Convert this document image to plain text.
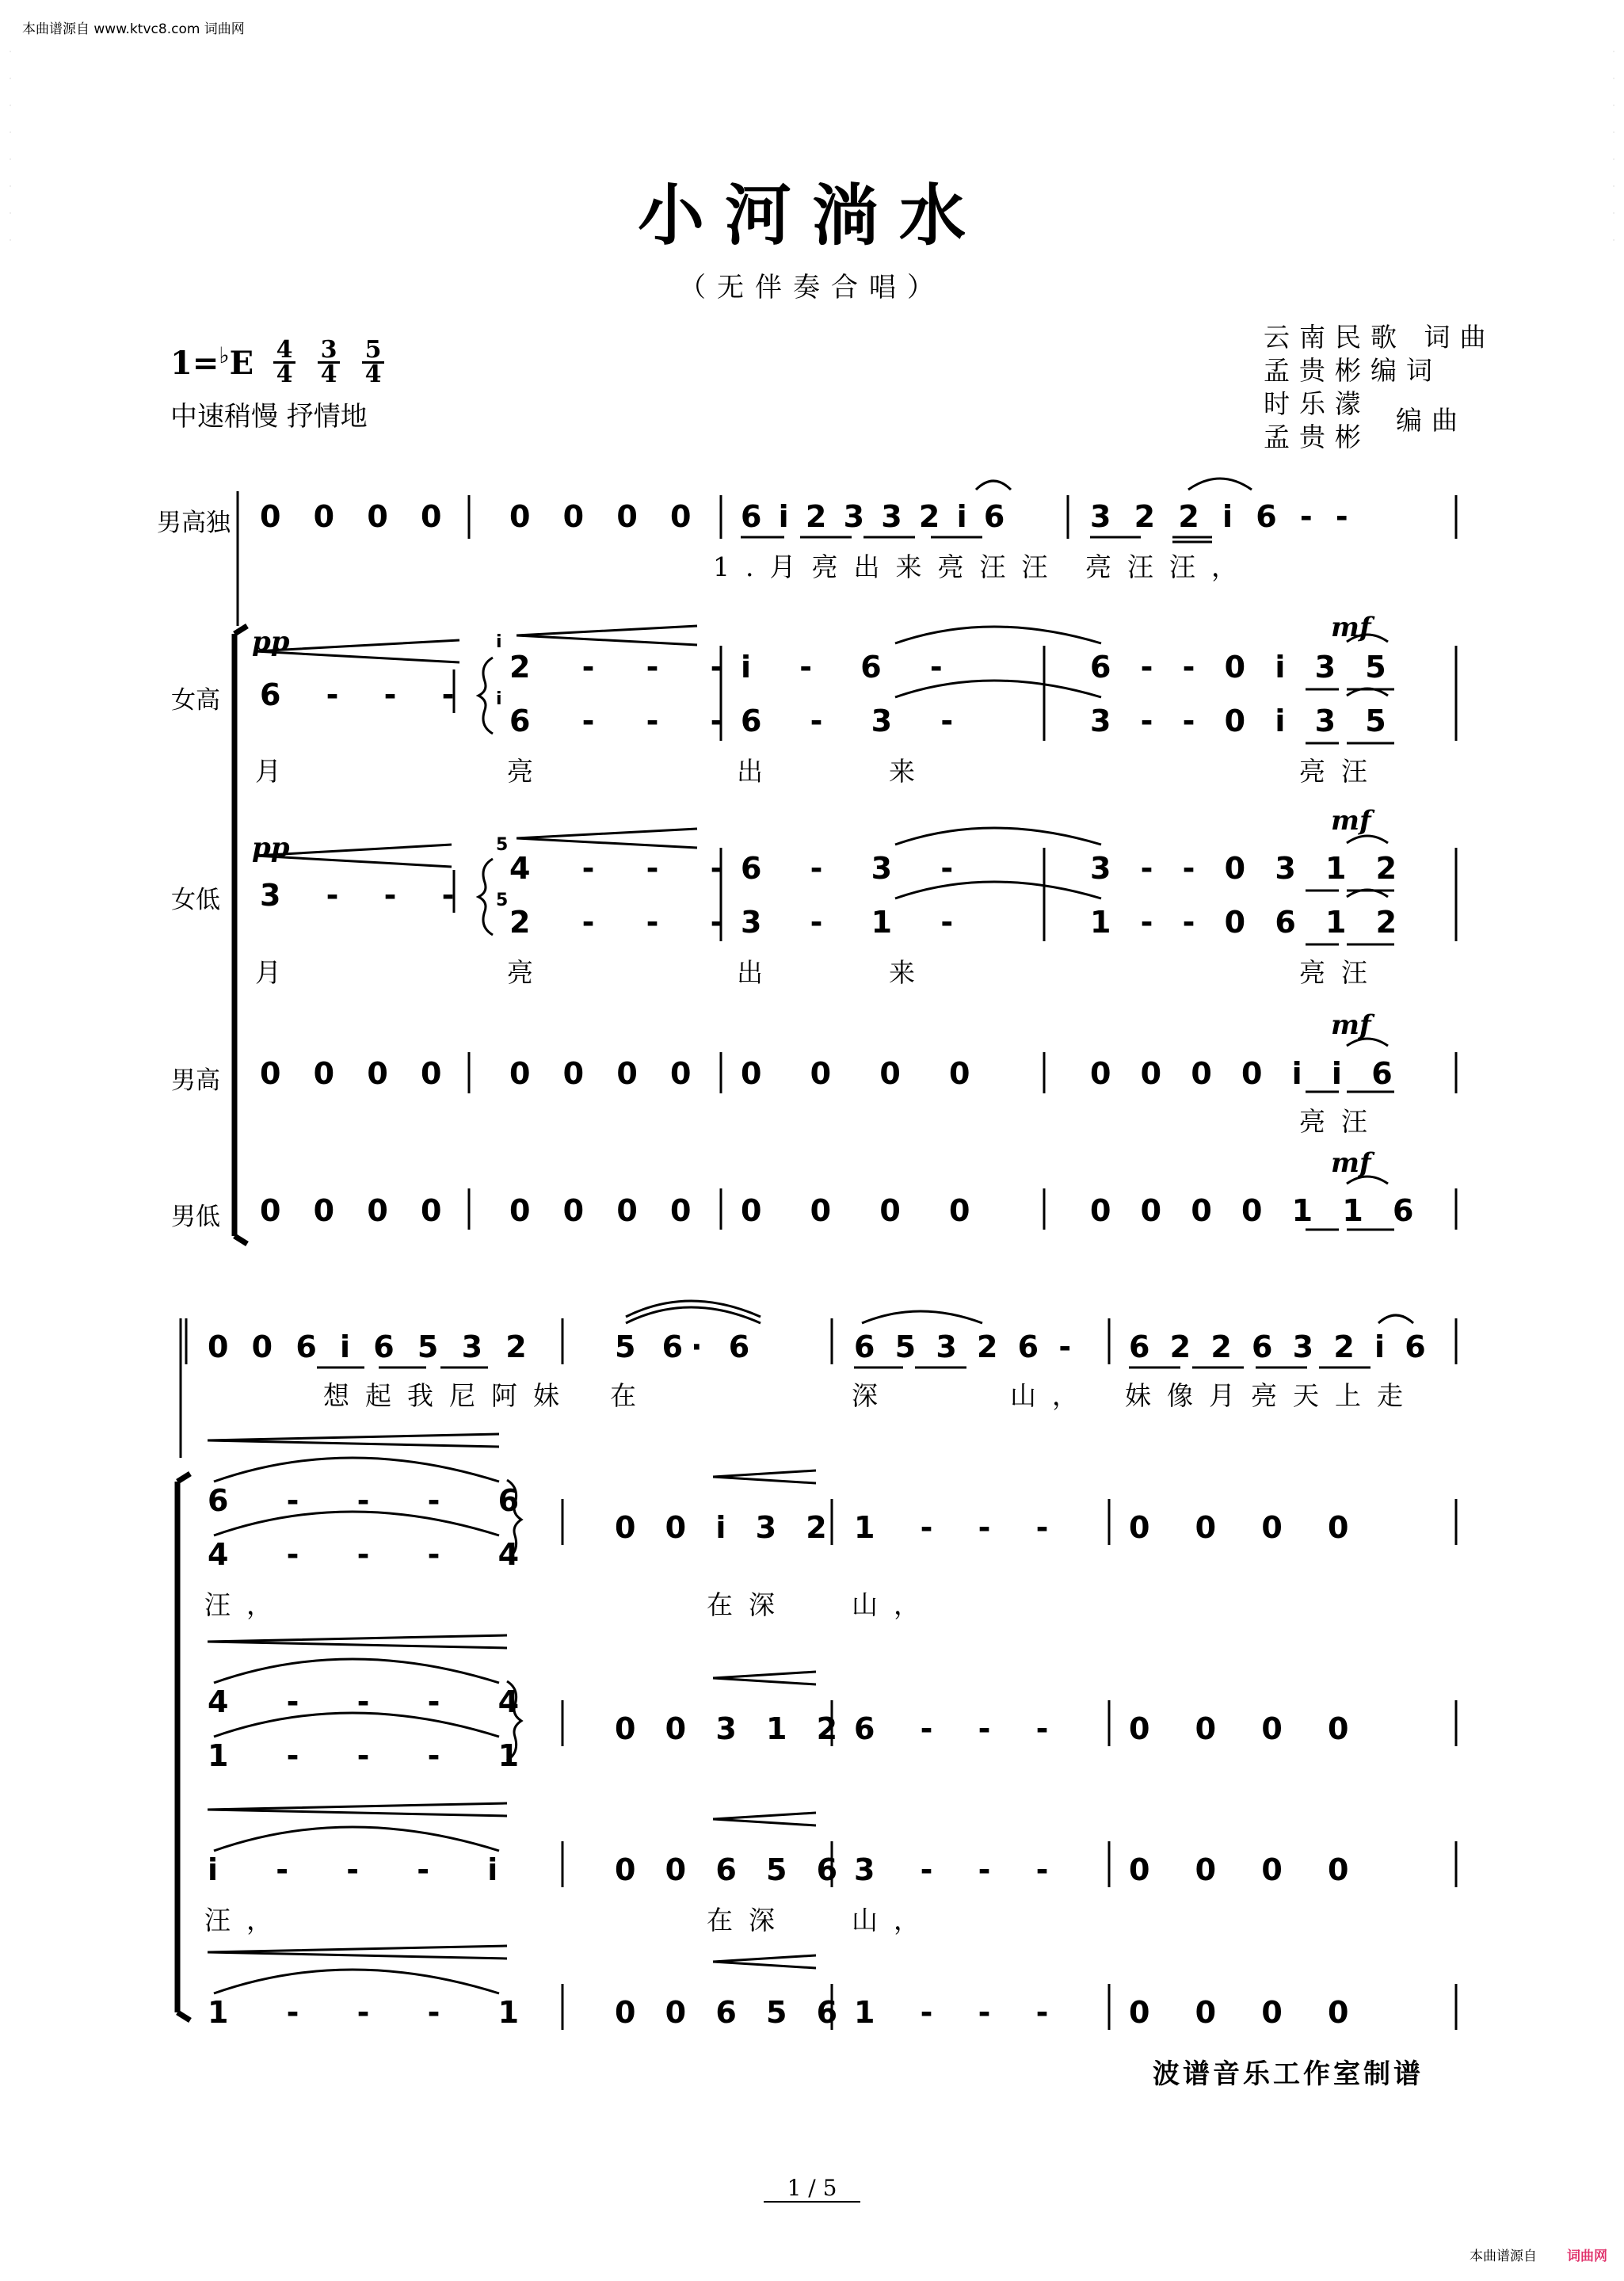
本曲谱源自 www.ktvc8.com 词曲网
本曲谱源自 词曲网
·
·
·
·
·
·
·
·
·
·
·
·
·
·
·
·
小河淌水
（无伴奏合唱）
云南民歌 词曲
孟贵彬编词
时乐濛
孟贵彬
编曲
1=♭E 4
4
3
4
5
4
中速稍慢 抒情地
男高独
女高
女低
男高
男低
0 0 0 0 0 0 0 0 6 i 2 3 3 2 i 6	3 2 2 i 6 - -
1.月亮出来亮汪汪 亮汪汪，
pp
pp
mf
mf
mf
mf
6 - - -
i
i
2 - - -
6 - - -
i - 6 -
6 - 3 -
6 - - 0 i 3 5
3 - - 0 i 3 5
月	亮	出	来	亮汪
3 - - -
5
5
4 - - -
2 - - -
6 - 3 -
3 - 1 -
3 - - 0 3 1 2
1 - - 0 6 1 2
月	亮	出	来	亮汪
0 0 0 0 0 0 0 0 0 0 0 0	0 0 0 0 i i 6
亮汪
0 0 0 0 0 0 0 0 0 0 0 0	0 0 0 0 1 1 6
0 0 6 i 6 5 3 2	5 6· 6	6 5 3 2 6 - 6 2 2 6 3 2 i 6
想起我尼阿妹 在	深	山， 妹像月亮天上走
6 - - - 6
4 - - - 4
0 0 i 3 2 1 - - - 0 0 0 0
汪，	在深 山，
4 - - - 4
1 - - - 1
0 0 3 1 2 6 - - - 0 0 0 0
i - - - i	0 0 6 5 6 3 - - - 0 0 0 0
汪，	在深 山，
1 - - - 1 0 0 6 5 6 1 - - - 0 0 0 0
波谱音乐工作室制谱
1 / 5
